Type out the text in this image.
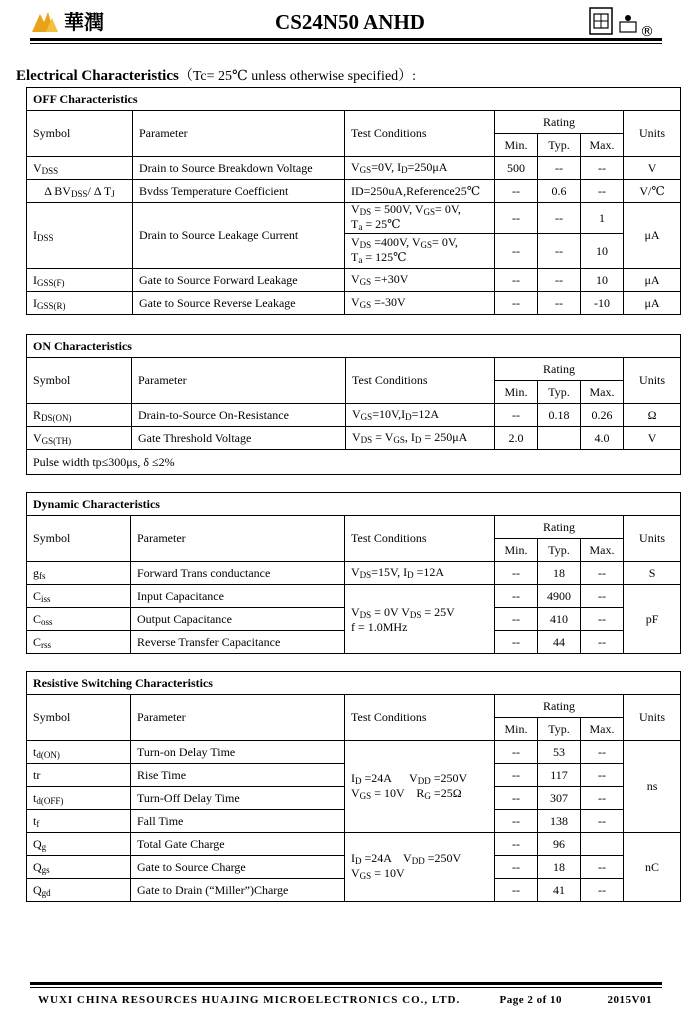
華潤	CS24N50 ANHD	®
Electrical Characteristics（Tc= 25℃ unless otherwise specified）:
OFF Characteristics						
Symbol	Parameter	Test Conditions	Rating			Units
			Min.	Typ.	Max.	
$V_{DSS}$	Drain to Source Breakdown Voltage	$V_{GS}=0V$, $I_D=250\mu A$	500	--	--	V
Δ $BV_{DSS}/$ Δ $T_J$	Bvdss Temperature Coefficient	ID=250uA,Reference25℃	--	0.6	--	V/℃
$I_{DSS}$	Drain to Source Leakage Current	$V_{DS} = 500V$, $V_{GS}= 0V$,
$T_a$ = 25℃	--	--	1	μA
		$V_{DS} =400V$, $V_{GS}= 0V$,
$T_a$ = 125℃	--	--	10	
$I_{GSS(F)}$	Gate to Source Forward Leakage	$V_{GS} =+30V$	--	--	10	μA
$I_{GSS(R)}$	Gate to Source Reverse Leakage	$V_{GS} =-30V$	--	--	-10	μA
ON Characteristics						
Symbol	Parameter	Test Conditions	Rating			Units
			Min.	Typ.	Max.	
$R_{DS(ON)}$	Drain-to-Source On-Resistance	$V_{GS}=10V,I_D=12A$	--	0.18	0.26	Ω
$V_{GS(TH)}$	Gate Threshold Voltage	$V_{DS} = V_{GS}$, $I_D = 250\mu A$	2.0		4.0	V
Pulse width tp≤300μs, δ ≤2%						
Dynamic Characteristics						
Symbol	Parameter	Test Conditions	Rating			Units
			Min.	Typ.	Max.	
$g_{fs}$	Forward Trans conductance	$V_{DS}=15V$, $I_D =12A$	--	18	--	S
$C_{iss}$	Input Capacitance	$V_{DS} = 0V$ $V_{DS} = 25V$
f = 1.0MHz	--	4900	--	pF
$C_{oss}$	Output Capacitance		--	410	--	
$C_{rss}$	Reverse Transfer Capacitance		--	44	--	
Resistive Switching Characteristics						
Symbol	Parameter	Test Conditions	Rating			Units
			Min.	Typ.	Max.	
$t_{d(ON)}$	Turn-on Delay Time	$I_D =24A$      $V_{DD} =250V$
$V_{GS} = 10V$    $R_G =25\Omega$	--	53	--	ns
tr	Rise Time		--	117	--	
$t_{d(OFF)}$	Turn-Off Delay Time		--	307	--	
$t_f$	Fall Time		--	138	--	
$Q_g$	Total Gate Charge	$I_D =24A$    $V_{DD} =250V$
$V_{GS} = 10V$	--	96		nC
$Q_{gs}$	Gate to Source Charge		--	18	--	
$Q_{gd}$	Gate to Drain (“Miller”)Charge		--	41	--	
WUXI CHINA RESOURCES HUAJING MICROELECTRONICS CO., LTD.	Page 2 of 10	2015V01
